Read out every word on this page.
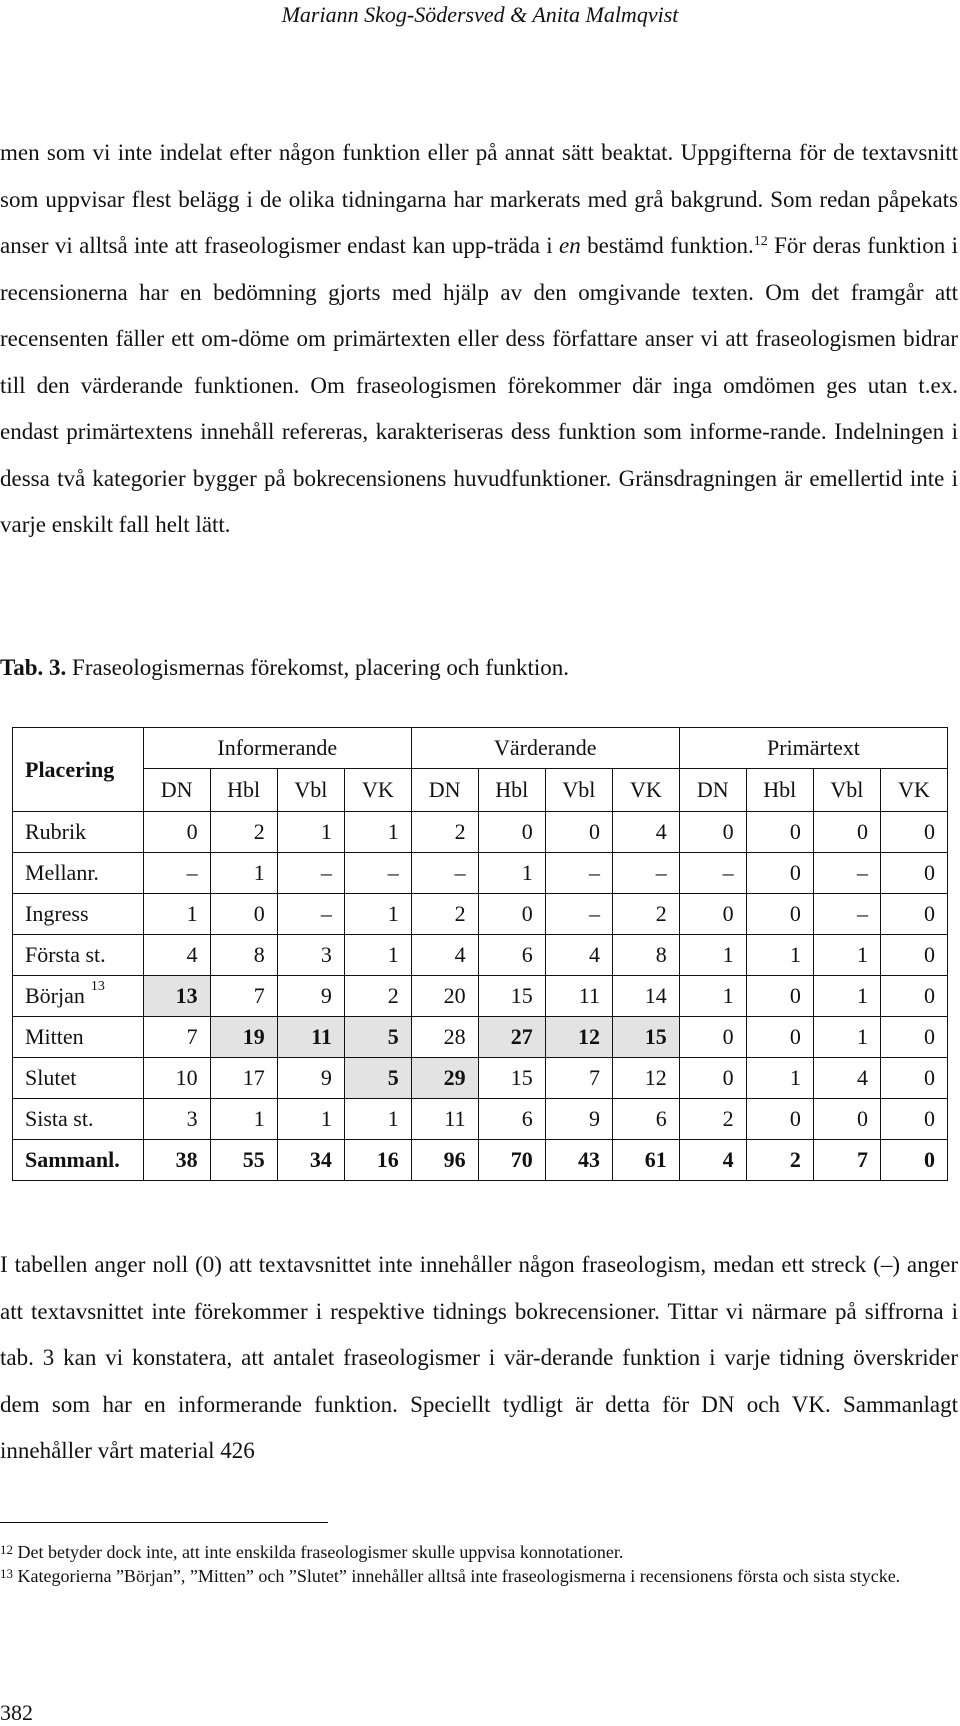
Mariann Skog-Södersved & Anita Malmqvist
men som vi inte indelat efter någon funktion eller på annat sätt beaktat. Uppgifterna för de textavsnitt som uppvisar flest belägg i de olika tidningarna har markerats med grå bakgrund. Som redan påpekats anser vi alltså inte att fraseologismer endast kan upp-träda i en bestämd funktion.$^{12}$ För deras funktion i recensionerna har en bedömning gjorts med hjälp av den omgivande texten. Om det framgår att recensenten fäller ett om-döme om primärtexten eller dess författare anser vi att fraseologismen bidrar till den värderande funktionen. Om fraseologismen förekommer där inga omdömen ges utan t.ex. endast primärtextens innehåll refereras, karakteriseras dess funktion som informe-rande. Indelningen i dessa två kategorier bygger på bokrecensionens huvudfunktioner. Gränsdragningen är emellertid inte i varje enskilt fall helt lätt.
Tab. 3. Fraseologismernas förekomst, placering och funktion.
Placering	Informerande				Värderande				Primärtext			
	DN	Hbl	Vbl	VK	DN	Hbl	Vbl	VK	DN	Hbl	Vbl	VK
Rubrik	0	2	1	1	2	0	0	4	0	0	0	0
Mellanr.	–	1	–	–	–	1	–	–	–	0	–	0
Ingress	1	0	–	1	2	0	–	2	0	0	–	0
Första st.	4	8	3	1	4	6	4	8	1	1	1	0
Början $^{13}$	13	7	9	2	20	15	11	14	1	0	1	0
Mitten	7	19	11	5	28	27	12	15	0	0	1	0
Slutet	10	17	9	5	29	15	7	12	0	1	4	0
Sista st.	3	1	1	1	11	6	9	6	2	0	0	0
Sammanl.	38	55	34	16	96	70	43	61	4	2	7	0
I tabellen anger noll (0) att textavsnittet inte innehåller någon fraseologism, medan ett streck (–) anger att textavsnittet inte förekommer i respektive tidnings bokrecensioner. Tittar vi närmare på siffrorna i tab. 3 kan vi konstatera, att antalet fraseologismer i vär-derande funktion i varje tidning överskrider dem som har en informerande funktion. Speciellt tydligt är detta för DN och VK. Sammanlagt innehåller vårt material 426
$^{12}$ Det betyder dock inte, att inte enskilda fraseologismer skulle uppvisa konnotationer.
$^{13}$ Kategorierna ”Början”, ”Mitten” och ”Slutet” innehåller alltså inte fraseologismerna i recensionens första och sista stycke.
382
